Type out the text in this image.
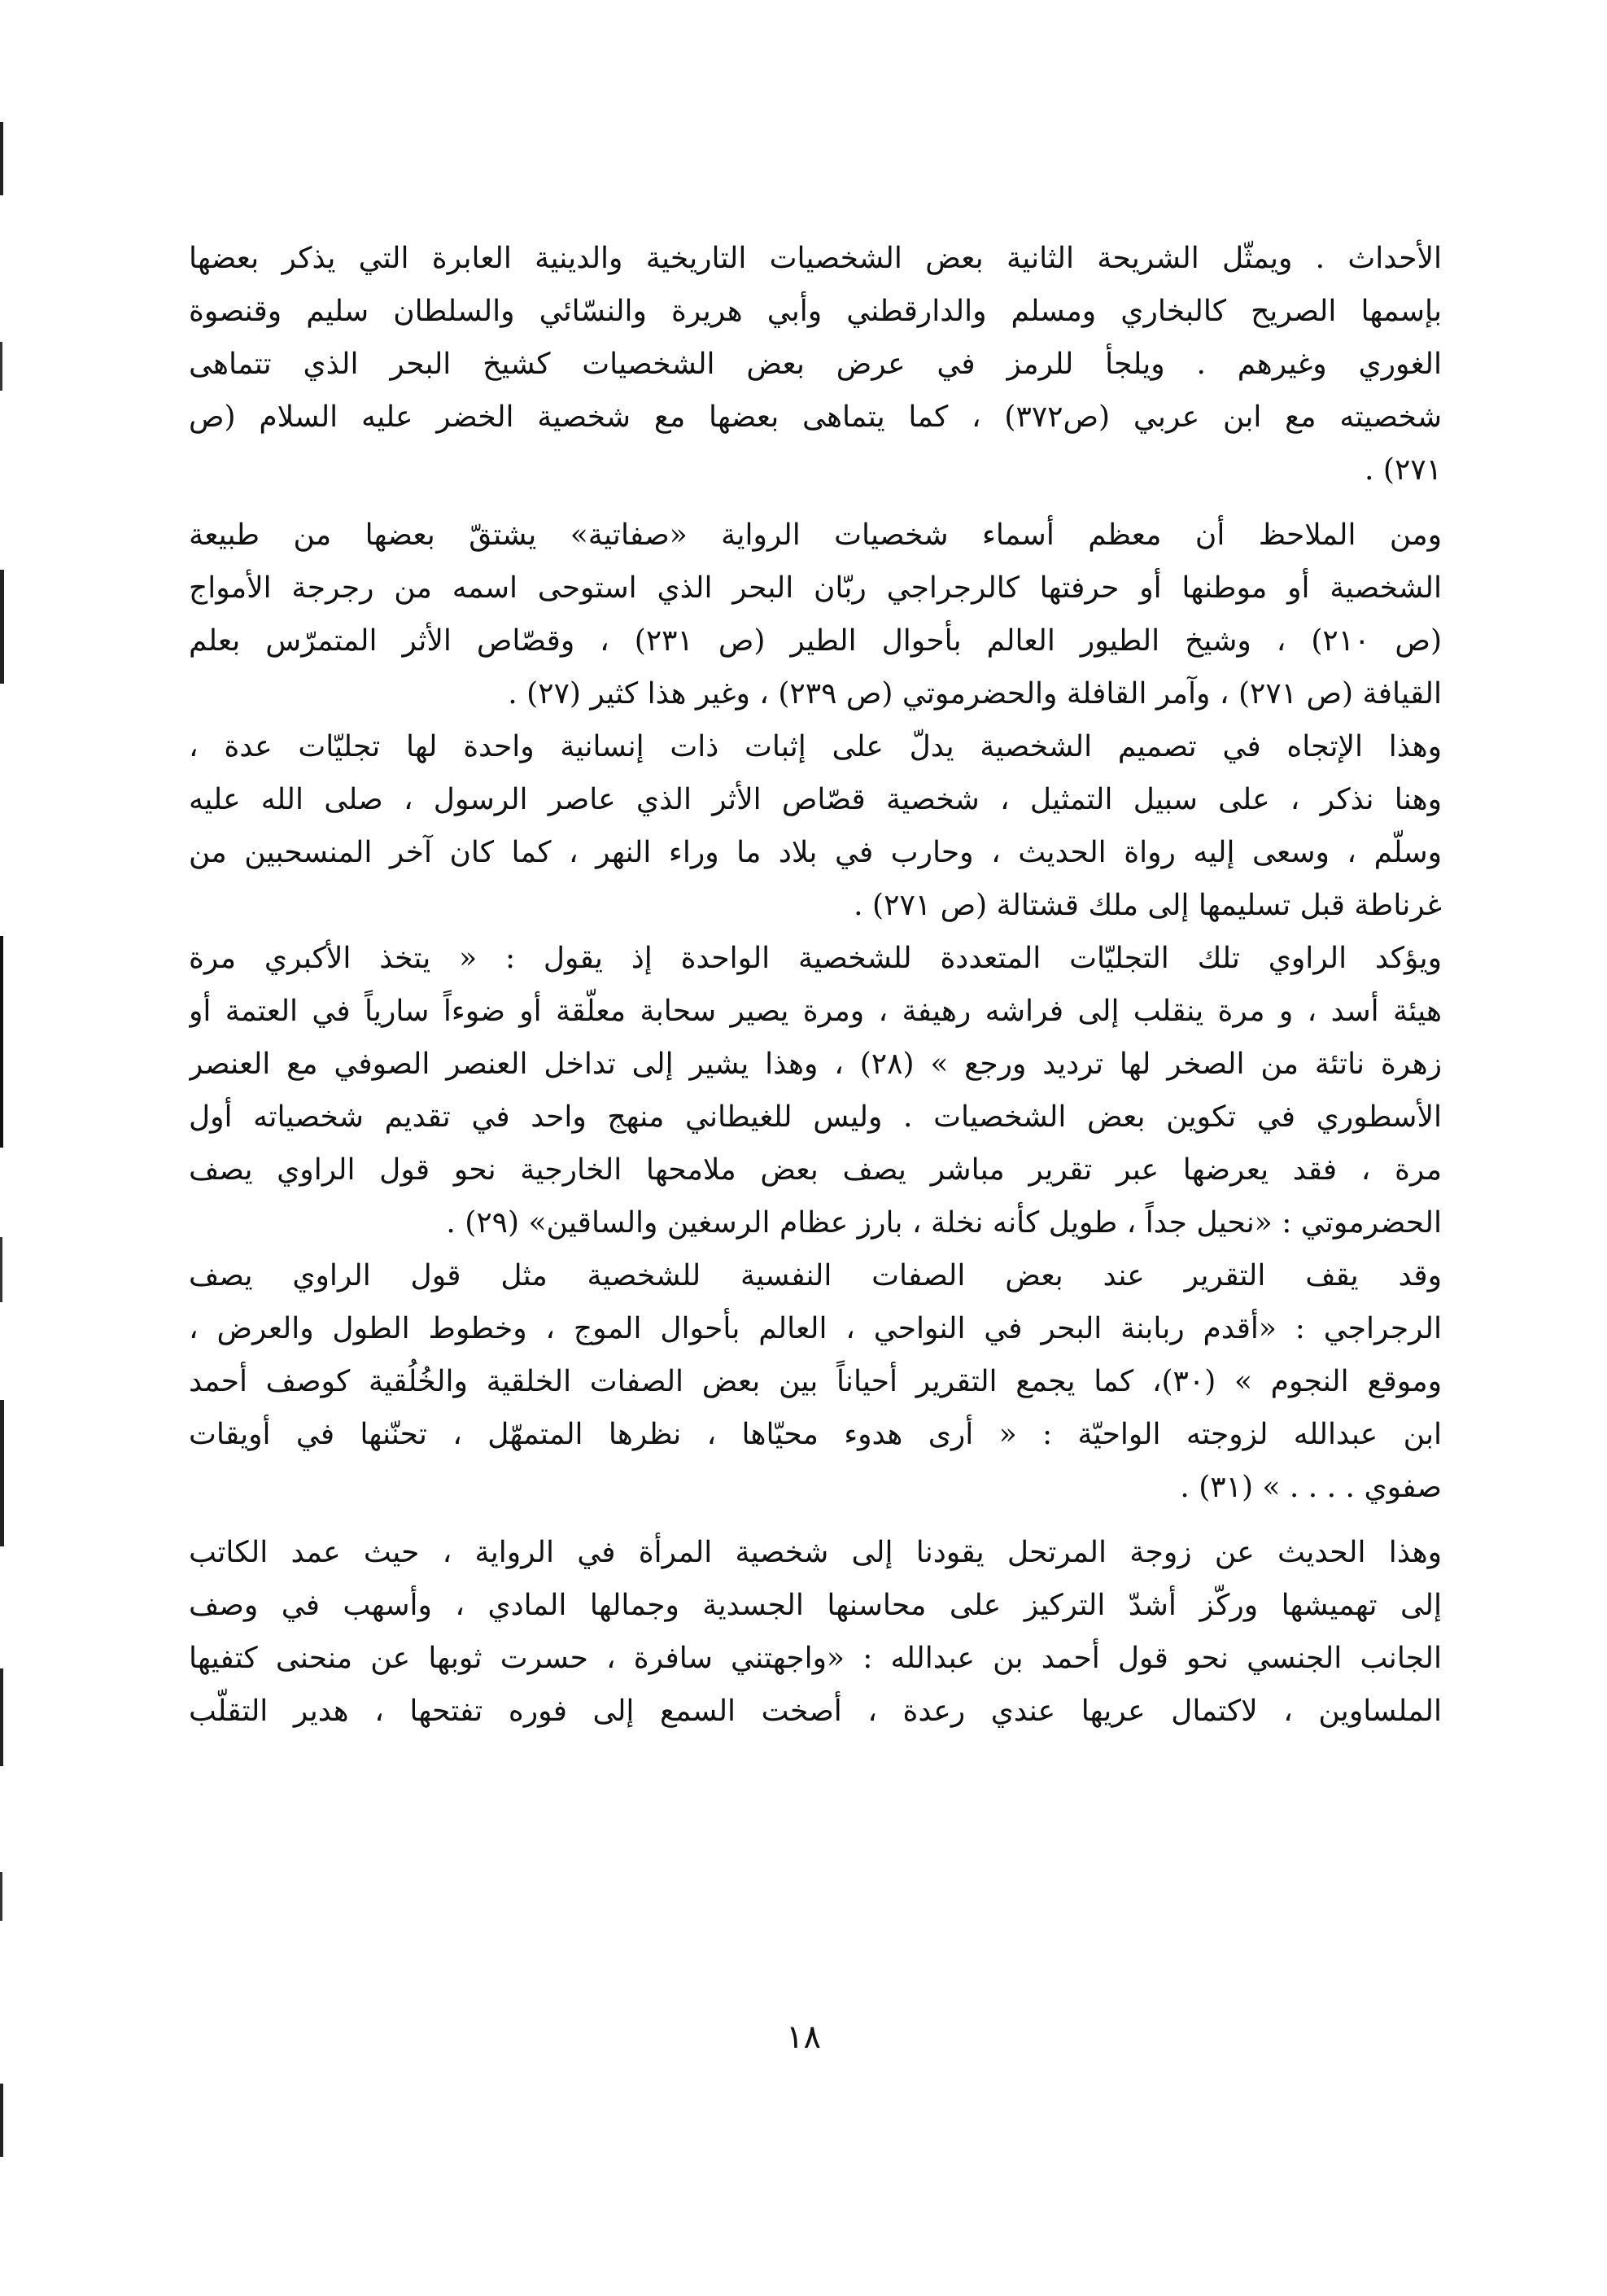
الأحداث . ويمثّل الشريحة الثانية بعض الشخصيات التاريخية والدينية العابرة التي يذكر بعضها
بإسمها الصريح كالبخاري ومسلم والدارقطني وأبي هريرة والنسّائي والسلطان سليم وقنصوة
الغوري وغيرهم . ويلجأ للرمز في عرض بعض الشخصيات كشيخ البحر الذي تتماهى
شخصيته مع ابن عربي (ص٣٧٢) ، كما يتماهى بعضها مع شخصية الخضر عليه السلام (ص
٢٧١) .
ومن الملاحظ أن معظم أسماء شخصيات الرواية «صفاتية» يشتقّ بعضها من طبيعة
الشخصية أو موطنها أو حرفتها كالرجراجي ربّان البحر الذي استوحى اسمه من رجرجة الأمواج
(ص ٢١٠) ، وشيخ الطيور العالم بأحوال الطير (ص ٢٣١) ، وقصّاص الأثر المتمرّس بعلم
القيافة (ص ٢٧١) ، وآمر القافلة والحضرموتي (ص ٢٣٩) ، وغير هذا كثير (٢٧) .
وهذا الإتجاه في تصميم الشخصية يدلّ على إثبات ذات إنسانية واحدة لها تجليّات عدة ،
وهنا نذكر ، على سبيل التمثيل ، شخصية قصّاص الأثر الذي عاصر الرسول ، صلى الله عليه
وسلّم ، وسعى إليه رواة الحديث ، وحارب في بلاد ما وراء النهر ، كما كان آخر المنسحبين من
غرناطة قبل تسليمها إلى ملك قشتالة (ص ٢٧١) .
ويؤكد الراوي تلك التجليّات المتعددة للشخصية الواحدة إذ يقول : « يتخذ الأكبري مرة
هيئة أسد ، و مرة ينقلب إلى فراشه رهيفة ، ومرة يصير سحابة معلّقة أو ضوءاً سارياً في العتمة أو
زهرة ناتئة من الصخر لها ترديد ورجع » (٢٨) ، وهذا يشير إلى تداخل العنصر الصوفي مع العنصر
الأسطوري في تكوين بعض الشخصيات . وليس للغيطاني منهج واحد في تقديم شخصياته أول
مرة ، فقد يعرضها عبر تقرير مباشر يصف بعض ملامحها الخارجية نحو قول الراوي يصف
الحضرموتي : «نحيل جداً ، طويل كأنه نخلة ، بارز عظام الرسغين والساقين» (٢٩) .
وقد يقف التقرير عند بعض الصفات النفسية للشخصية مثل قول الراوي يصف
الرجراجي : «أقدم ربابنة البحر في النواحي ، العالم بأحوال الموج ، وخطوط الطول والعرض ،
وموقع النجوم » (٣٠)، كما يجمع التقرير أحياناً بين بعض الصفات الخلقية والخُلُقية كوصف أحمد
ابن عبدالله لزوجته الواحيّة : « أرى هدوء محيّاها ، نظرها المتمهّل ، تحنّنها في أويقات
صفوي . . . . » (٣١) .
وهذا الحديث عن زوجة المرتحل يقودنا إلى شخصية المرأة في الرواية ، حيث عمد الكاتب
إلى تهميشها وركّز أشدّ التركيز على محاسنها الجسدية وجمالها المادي ، وأسهب في وصف
الجانب الجنسي نحو قول أحمد بن عبدالله : «واجهتني سافرة ، حسرت ثوبها عن منحنى كتفيها
الملساوين ، لاكتمال عريها عندي رعدة ، أصخت السمع إلى فوره تفتحها ، هدير التقلّب
١٨
